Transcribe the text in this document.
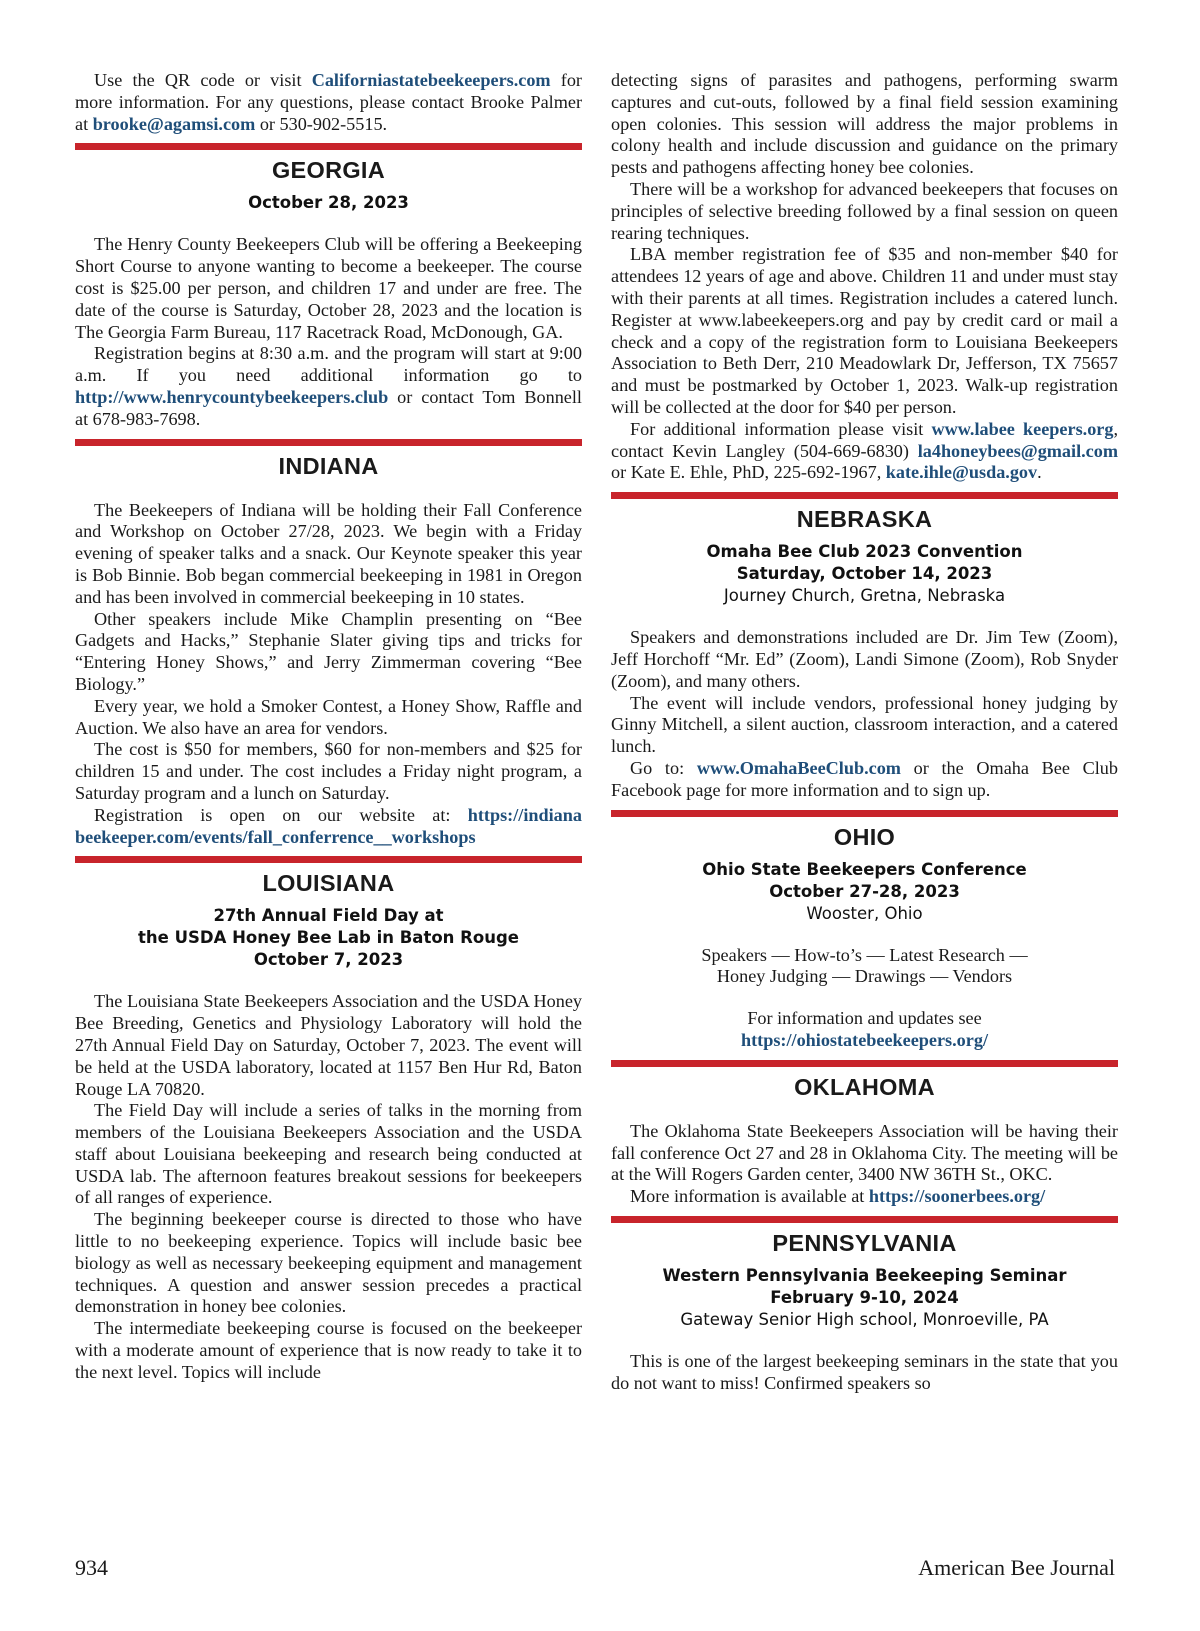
Use the QR code or visit Californiastatebeekeepers.com for more information. For any questions, please contact Brooke Palmer at brooke@agamsi.com or 530-902-5515.

GEORGIA
October 28, 2023

The Henry County Beekeepers Club will be offering a Beekeeping Short Course to anyone wanting to become a beekeeper. The course cost is $25.00 per person, and children 17 and under are free. The date of the course is Saturday, October 28, 2023 and the location is The Georgia Farm Bureau, 117 Racetrack Road, McDonough, GA.

Registration begins at 8:30 a.m. and the program will start at 9:00 a.m. If you need additional information go to http://www.henrycountybeekeepers.club or contact Tom Bonnell at 678-983-7698.

INDIANA

The Beekeepers of Indiana will be holding their Fall Conference and Workshop on October 27/28, 2023. We begin with a Friday evening of speaker talks and a snack. Our Keynote speaker this year is Bob Binnie. Bob began commercial beekeeping in 1981 in Oregon and has been involved in commercial beekeeping in 10 states.

Other speakers include Mike Champlin presenting on “Bee Gadgets and Hacks,” Stephanie Slater giving tips and tricks for “Entering Honey Shows,” and Jerry Zimmerman covering “Bee Biology.”

Every year, we hold a Smoker Contest, a Honey Show, Raffle and Auction. We also have an area for vendors.

The cost is $50 for members, $60 for non-members and $25 for children 15 and under. The cost includes a Friday night program, a Saturday program and a lunch on Saturday.

Registration is open on our website at: https://indiana beekeeper.com/events/fall_conferrence__workshops

LOUISIANA
27th Annual Field Day at
the USDA Honey Bee Lab in Baton Rouge
October 7, 2023

The Louisiana State Beekeepers Association and the USDA Honey Bee Breeding, Genetics and Physiology Laboratory will hold the 27th Annual Field Day on Saturday, October 7, 2023. The event will be held at the USDA laboratory, located at 1157 Ben Hur Rd, Baton Rouge LA 70820.

The Field Day will include a series of talks in the morning from members of the Louisiana Beekeepers Association and the USDA staff about Louisiana beekeeping and research being conducted at USDA lab. The afternoon features breakout sessions for beekeepers of all ranges of experience.

The beginning beekeeper course is directed to those who have little to no beekeeping experience. Topics will include basic bee biology as well as necessary beekeeping equipment and management techniques. A question and answer session precedes a practical demonstration in honey bee colonies.

The intermediate beekeeping course is focused on the beekeeper with a moderate amount of experience that is now ready to take it to the next level. Topics will include

detecting signs of parasites and pathogens, performing swarm captures and cut-outs, followed by a final field session examining open colonies. This session will address the major problems in colony health and include discussion and guidance on the primary pests and pathogens affecting honey bee colonies.

There will be a workshop for advanced beekeepers that focuses on principles of selective breeding followed by a final session on queen rearing techniques.

LBA member registration fee of $35 and non-member $40 for attendees 12 years of age and above. Children 11 and under must stay with their parents at all times. Registration includes a catered lunch. Register at www.labeekeepers.org and pay by credit card or mail a check and a copy of the registration form to Louisiana Beekeepers Association to Beth Derr, 210 Meadowlark Dr, Jefferson, TX 75657 and must be postmarked by October 1, 2023. Walk-up registration will be collected at the door for $40 per person.

For additional information please visit www.labee keepers.org, contact Kevin Langley (504-669-6830) la4honeybees@gmail.com or Kate E. Ehle, PhD, 225-692-1967, kate.ihle@usda.gov.

NEBRASKA
Omaha Bee Club 2023 Convention
Saturday, October 14, 2023
Journey Church, Gretna, Nebraska

Speakers and demonstrations included are Dr. Jim Tew (Zoom), Jeff Horchoff “Mr. Ed” (Zoom), Landi Simone (Zoom), Rob Snyder (Zoom), and many others.

The event will include vendors, professional honey judging by Ginny Mitchell, a silent auction, classroom interaction, and a catered lunch.

Go to: www.OmahaBeeClub.com or the Omaha Bee Club Facebook page for more information and to sign up.

OHIO
Ohio State Beekeepers Conference
October 27-28, 2023
Wooster, Ohio

Speakers — How-to’s — Latest Research —

Honey Judging — Drawings — Vendors

For information and updates see

https://ohiostatebeekeepers.org/

OKLAHOMA

The Oklahoma State Beekeepers Association will be having their fall conference Oct 27 and 28 in Oklahoma City. The meeting will be at the Will Rogers Garden center, 3400 NW 36TH St., OKC.

More information is available at https://soonerbees.org/

PENNSYLVANIA
Western Pennsylvania Beekeeping Seminar
February 9-10, 2024
Gateway Senior High school, Monroeville, PA

This is one of the largest beekeeping seminars in the state that you do not want to miss! Confirmed speakers so

934	American Bee Journal
